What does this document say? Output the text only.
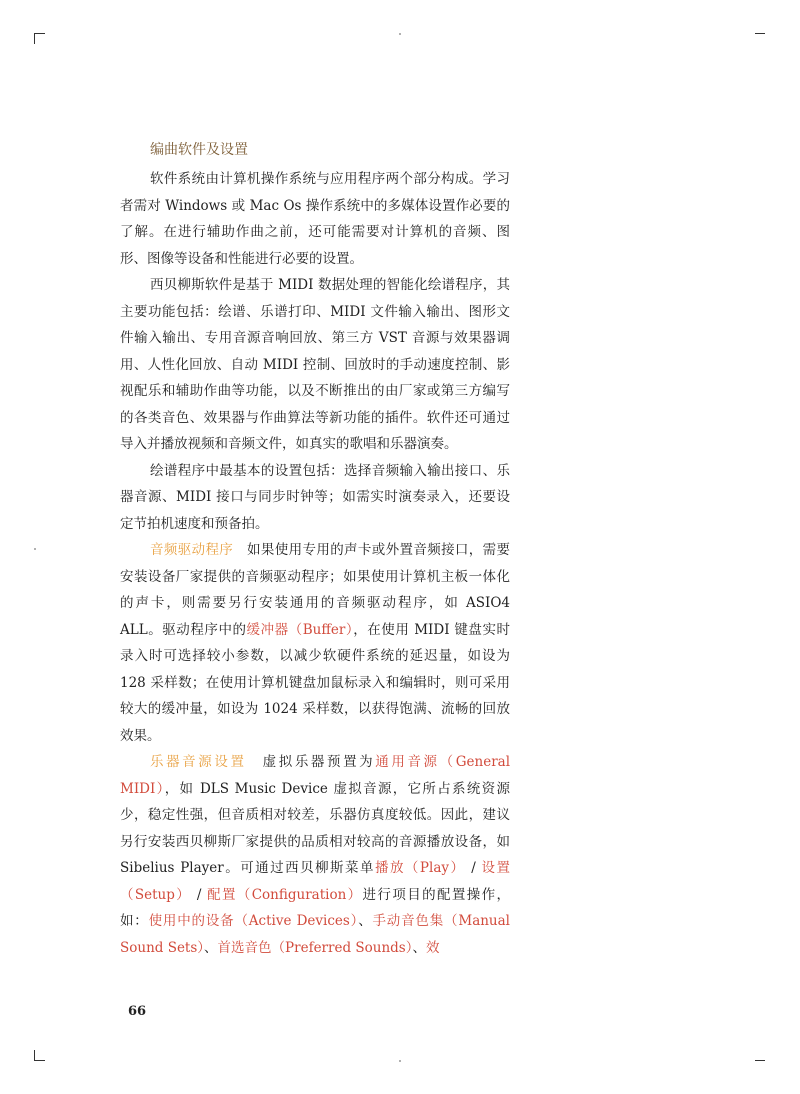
编曲软件及设置

软件系统由计算机操作系统与应用程序两个部分构成。学习者需对 Windows 或 Mac Os 操作系统中的多媒体设置作必要的了解。在进行辅助作曲之前，还可能需要对计算机的音频、图形、图像等设备和性能进行必要的设置。

西贝柳斯软件是基于 MIDI 数据处理的智能化绘谱程序，其主要功能包括：绘谱、乐谱打印、MIDI 文件输入输出、图形文件输入输出、专用音源音响回放、第三方 VST 音源与效果器调用、人性化回放、自动 MIDI 控制、回放时的手动速度控制、影视配乐和辅助作曲等功能，以及不断推出的由厂家或第三方编写的各类音色、效果器与作曲算法等新功能的插件。软件还可通过导入并播放视频和音频文件，如真实的歌唱和乐器演奏。

绘谱程序中最基本的设置包括：选择音频输入输出接口、乐器音源、MIDI 接口与同步时钟等；如需实时演奏录入，还要设定节拍机速度和预备拍。

音频驱动程序　如果使用专用的声卡或外置音频接口，需要安装设备厂家提供的音频驱动程序；如果使用计算机主板一体化的声卡，则需要另行安装通用的音频驱动程序，如 ASIO4 ALL。驱动程序中的缓冲器（Buffer），在使用 MIDI 键盘实时录入时可选择较小参数，以减少软硬件系统的延迟量，如设为 128 采样数；在使用计算机键盘加鼠标录入和编辑时，则可采用较大的缓冲量，如设为 1024 采样数，以获得饱满、流畅的回放效果。

乐器音源设置　虚拟乐器预置为通用音源（General MIDI），如 DLS Music Device 虚拟音源，它所占系统资源少，稳定性强，但音质相对较差，乐器仿真度较低。因此，建议另行安装西贝柳斯厂家提供的品质相对较高的音源播放设备，如 Sibelius Player。可通过西贝柳斯菜单播放（Play） / 设置（Setup） / 配置（Configuration）进行项目的配置操作，如：使用中的设备（Active Devices）、手动音色集（Manual Sound Sets）、首选音色（Preferred Sounds）、效

66
